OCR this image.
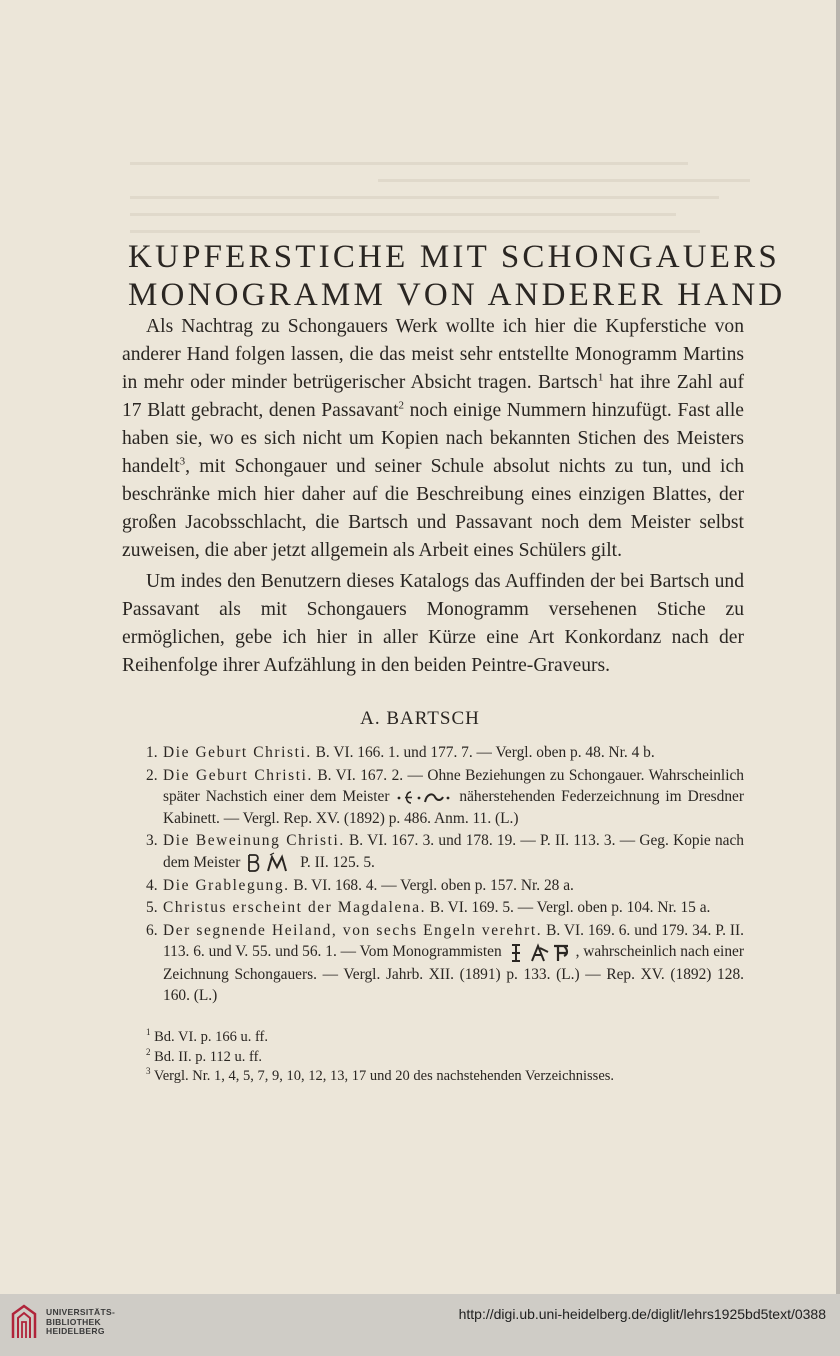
KUPFERSTICHE MIT SCHONGAUERS
MONOGRAMM VON ANDERER HAND

Als Nachtrag zu Schongauers Werk wollte ich hier die Kupferstiche von anderer Hand folgen lassen, die das meist sehr entstellte Monogramm Martins in mehr oder minder betrügerischer Absicht tragen. Bartsch$^1$ hat ihre Zahl auf 17 Blatt gebracht, denen Passavant$^2$ noch einige Nummern hinzufügt. Fast alle haben sie, wo es sich nicht um Kopien nach bekannten Stichen des Meisters handelt$^3$, mit Schongauer und seiner Schule absolut nichts zu tun, und ich beschränke mich hier daher auf die Beschreibung eines einzigen Blattes, der großen Jacobsschlacht, die Bartsch und Passavant noch dem Meister selbst zuweisen, die aber jetzt allgemein als Arbeit eines Schülers gilt.

Um indes den Benutzern dieses Katalogs das Auffinden der bei Bartsch und Passavant als mit Schongauers Monogramm versehenen Stiche zu ermöglichen, gebe ich hier in aller Kürze eine Art Konkordanz nach der Reihenfolge ihrer Aufzählung in den beiden Peintre-Graveurs.

A. BARTSCH
1. Die Geburt Christi. B. VI. 166. 1. und 177. 7. — Vergl. oben p. 48. Nr. 4 b.
2. Die Geburt Christi. B. VI. 167. 2. — Ohne Beziehungen zu Schongauer. Wahrscheinlich später Nachstich einer dem Meister	näherstehenden Federzeichnung im Dresdner Kabinett. — Vergl. Rep. XV. (1892) p. 486. Anm. 11. (L.)
3. Die Beweinung Christi. B. VI. 167. 3. und 178. 19. — P. II. 113. 3. — Geg. Kopie nach dem Meister	P. II. 125. 5.
4. Die Grablegung. B. VI. 168. 4. — Vergl. oben p. 157. Nr. 28 a.
5. Christus erscheint der Magdalena. B. VI. 169. 5. — Vergl. oben p. 104. Nr. 15 a.
6. Der segnende Heiland, von sechs Engeln verehrt. B. VI. 169. 6. und 179. 34. P. II. 113. 6. und V. 55. und 56. 1. — Vom Monogrammisten	, wahrscheinlich nach einer Zeichnung Schongauers. — Vergl. Jahrb. XII. (1891) p. 133. (L.) — Rep. XV. (1892) 128. 160. (L.)
$^1$ Bd. VI. p. 166 u. ff.
$^2$ Bd. II. p. 112 u. ff.
$^3$ Vergl. Nr. 1, 4, 5, 7, 9, 10, 12, 13, 17 und 20 des nachstehenden Verzeichnisses.
UNIVERSITÄTS-
BIBLIOTHEK
HEIDELBERG
http://digi.ub.uni-heidelberg.de/diglit/lehrs1925bd5text/0388
